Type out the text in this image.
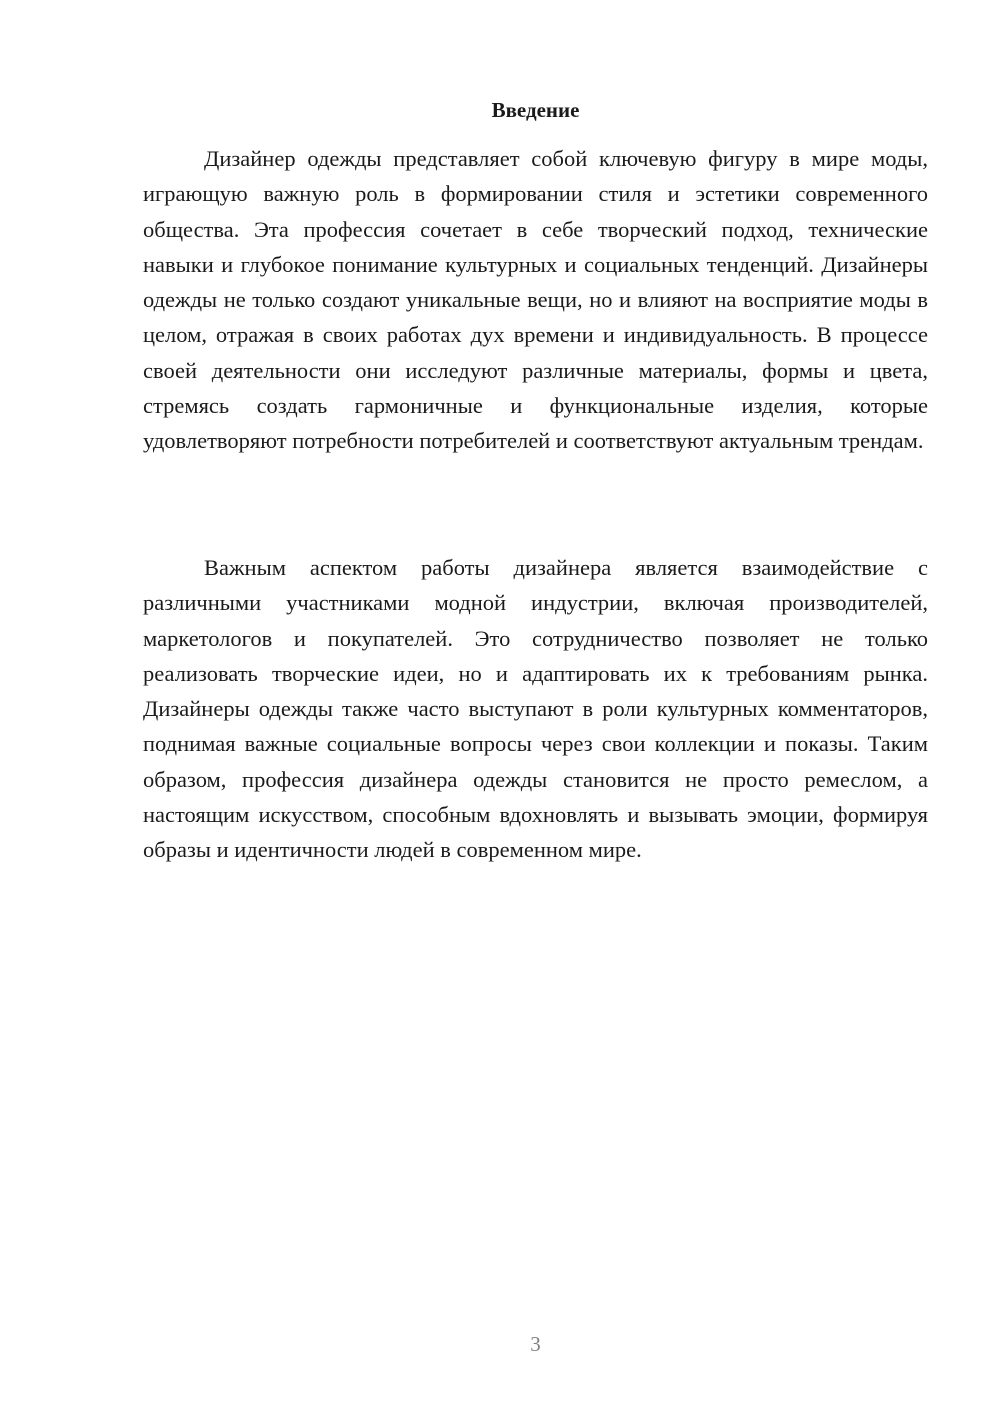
Введение

Дизайнер одежды представляет собой ключевую фигуру в мире моды, играющую важную роль в формировании стиля и эстетики современного общества. Эта профессия сочетает в себе творческий подход, технические навыки и глубокое понимание культурных и социальных тенденций. Дизайнеры одежды не только создают уникальные вещи, но и влияют на восприятие моды в целом, отражая в своих работах дух времени и индивидуальность. В процессе своей деятельности они исследуют различные материалы, формы и цвета, стремясь создать гармоничные и функциональные изделия, которые удовлетворяют потребности потребителей и соответствуют актуальным трендам.

Важным аспектом работы дизайнера является взаимодействие с различными участниками модной индустрии, включая производителей, маркетологов и покупателей. Это сотрудничество позволяет не только реализовать творческие идеи, но и адаптировать их к требованиям рынка. Дизайнеры одежды также часто выступают в роли культурных комментаторов, поднимая важные социальные вопросы через свои коллекции и показы. Таким образом, профессия дизайнера одежды становится не просто ремеслом, а настоящим искусством, способным вдохновлять и вызывать эмоции, формируя образы и идентичности людей в современном мире.

3
